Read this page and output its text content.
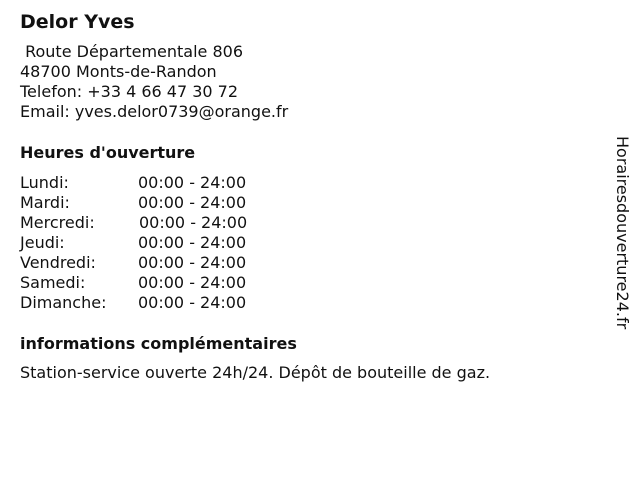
Delor Yves
Route Départementale 806
48700 Monts-de-Randon
Telefon: +33 4 66 47 30 72
Email: yves.delor0739@orange.fr
Heures d'ouverture
Lundi:	00:00 - 24:00
Mardi:	00:00 - 24:00
Mercredi:	00:00 - 24:00
Jeudi:	00:00 - 24:00
Vendredi:	00:00 - 24:00
Samedi:	00:00 - 24:00
Dimanche: 00:00 - 24:00
informations complémentaires
Station-service ouverte 24h/24. Dépôt de bouteille de gaz.
Horairesdouverture24.fr
